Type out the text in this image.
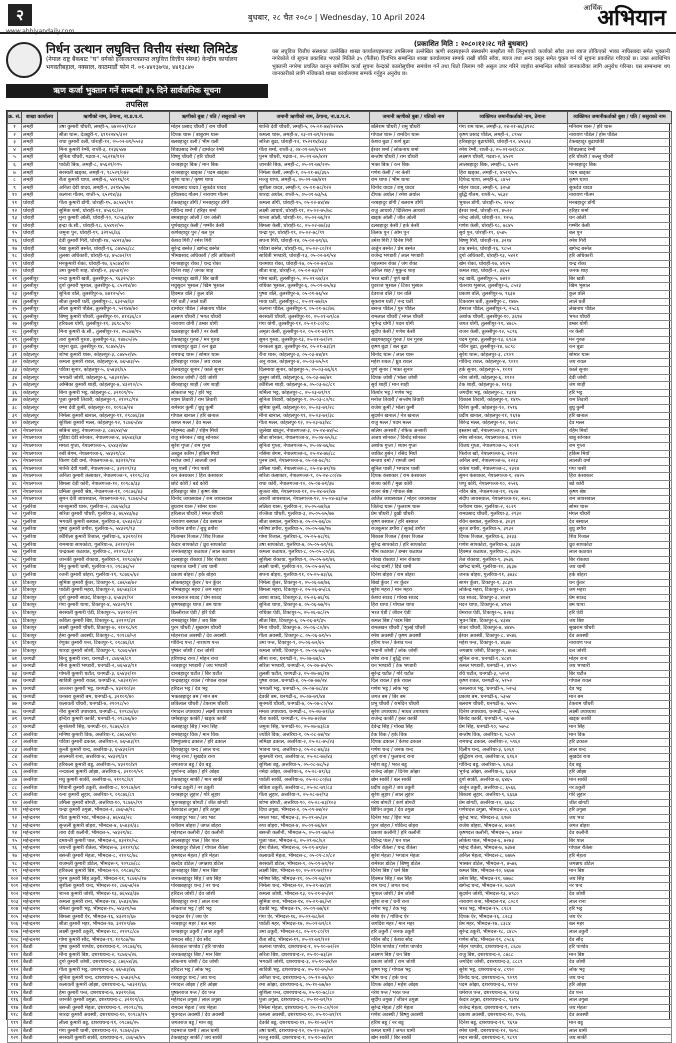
२
www.abhiyandaily.com
बुधबार, २८ चैत २०८० | Wednesday, 10 April 2024
आर्थिक
अभियान
निर्धन उत्थान लघुवित्त वित्तीय संस्था लिमिटेड
(नेपाल राष्ट्र बैंकबाट "घ" वर्गको इजाजतपत्रप्राप्त लघुवित्त वित्तीय संस्था) केन्द्रीय कार्यालय भगवतीबहाल, नक्साल, काठमाडौं फोन नं. ०१-४४१३७९४, ४४१३८४०
ऋण कर्जा भुक्तान गर्ने सम्बन्धी ३५ दिने सार्वजनिक सूचना
तपसिल
(प्रकाशित मिति : २०८०।१२।२८ गते बुधबार)
यस लघुवित्त वित्तीय संस्थाका उल्लेखित शाखा कार्यालयहरूबाट तपसिलमा उल्लेखित ऋणी सदस्यहरूले संस्थासँग सम्झौता गरी लिनुभएको कर्जाको साँवा तथा ब्याज तोकिएको भाका नाघिसक्दा समेत भुक्तानी नगरेकोले यो सूचना प्रकाशित भएको मितिले ३५ (पैंतीस) दिनभित्र सम्बन्धित शाखा कार्यालयमा सम्पर्क राखी बाँकी साँवा, ब्याज तथा अन्य दस्तुर समेत चुक्ता गर्न यो सूचना प्रकाशित गरिएको छ। उक्त अवधिभित्र भुक्तानी नगरेमा प्रचलित कानून बमोजिम कर्जा सूचना केन्द्रको कालोसूचीमा समावेश गर्ने तथा धितो लिलाम गरी असुल उपर गरिने व्यहोरा सम्बन्धित सबैको जानकारीका लागि अनुरोध गरिन्छ। यस सम्बन्धमा थप जानकारीको लागि नजिकको शाखा कार्यालयमा सम्पर्क गर्नुहुन अनुरोध छ।
क्र. सं.	शाखा कार्यालय	ऋणीको नाम, ठेगाना, ना.प्र.प.नं.	ऋणीको बुबा / पति / ससुराको नाम	जमानी ऋणीको नाम, ठेगाना, ना.प्र.प.नं.	जमानी ऋणीको बुबा / पतिको नाम	व्यक्तिगत जमानीकर्ताको नाम, ठेगाना	व्यक्तिगत जमानीकर्ताको बुबा / पति / ससुराको नाम
१	लमही	उषा कुमारी चौधरी, लमही-५, ७४२०५१/९८२	मोहन प्रसाद चौधरी / राम चौधरी	शान्ति देवी चौधरी, लमही-५, ०५-०१-७४/०२२४५	बलिराम चौधरी / रामु चौधरी	गंगा राम थारू, लमही-३, ०४-०१-७६/३१२८	मनिराम थारू / हरि थारू
२	लमही	सीता थारू, देउखुरी-१, ६९१२२४५/३२२	दिपक थारू / बाबुराम थारू	कमला थारू, लमही-४, ०३-०१-७९/१०२४७	गोपाल थारू / रामदिन थारू	कृष्ण प्रसाद पौडेल, लमही-२, ८९५४	नारायण पौडेल / होम पौडेल
३	लमही	राधा कुमारी वली, घोराही-१२, ०५-०२-७१/५५२३	बलबहादुर वली / भीम वली	सरिता बुढा, घोराही-१२, १५२२१४/४३३	केशव बुढा / कर्ण बुढा	हरिबहादुर बुढाथोकी, घोराही-१२, ४५६२३	टेकबहादुर बुढाथोकी
४	लमही	मिना कुमारी रेग्मी, राप्ती-३, १२३६५४७	शिवप्रसाद रेग्मी / दामोदर रेग्मी	गीता शर्मा, राप्ती-३, ०४-०१-७०/६५२१	ईश्वर शर्मा / लोकनाथ शर्मा	रमेश रेग्मी, राप्ती-३, ०५-०१-७२/८८४	शिवप्रसाद रेग्मी
५	लमही	सुनिता चौधरी, गढवा-२, ५६२१४/११२	विष्णु चौधरी / हरि चौधरी	पुनम चौधरी, गढवा-२, ०५-०१-७५/४२१	सन्तोष चौधरी / राम चौधरी	लक्ष्मण चौधरी, गढवा-२, ४५२१	हरि चौधरी / कल्लु चौधरी
६	लमही	पार्वती बिक, लमही-८, ४५६२१/०९५	धनबहादुर बिक / मान बिक	जानकी बिक, लमही-८, ०५-०१-७४/२२५	भक्त बिक / रत्न बिक	लालबहादुर बिक, लमही-८, ६५२१	मानबहादुर बिक
७	लमही	सरस्वती खड्का, लमही-१, ९८५२१/०४२	राजबहादुर खड्का / पदम खड्का	निर्मला केसी, लमही-१, ०५-०१-७६/३६५	गणेश केसी / नर केसी	हिरा खड्का, लमही-१, ४५२१/५५	पदम खड्का
८	लमही	रीता कुमारी थापा, लमही-६, ५४२१६/०१	सुरेश थापा / कृष्ण थापा	मञ्जु थापा, लमही-६, ०५-०१-७७/४११	राम थापा / भीम थापा	दिपेन्द्र थापा, लमही-६, ८४५२	कृष्ण थापा
९	लमही	अनिता देवी यादव, लमही-९, ३२१४५/७७	रामप्रसाद यादव / सुकदेव यादव	सुशीला यादव, लमही-९, ०५-०१-७८/१२२	विनोद यादव / रामु यादव	मोहन यादव, लमही-९, ३२५४	सुकदेव यादव
१०	लमही	कल्पना गौतम, राप्ती-५, ६५२१४/३३	हरिप्रसाद गौतम / नारायण गौतम	शारदा अर्याल, राप्ती-५, ०५-०१-७३/५६	दीपक अर्याल / रमेश अर्याल	बुद्धि गौतम, राप्ती-५, ५६३२	नारायण गौतम
११	घोराही	गीता कुमारी डाँगी, घोराही-१५, ७८५४२/११	टेकबहादुर डाँगी / मनबहादुर डाँगी	कमला डाँगी, घोराही-१५, ०५-०२-७४/४४	नरबहादुर डाँगी / बलराम डाँगी	भुपाल डाँगी, घोराही-१५, २२५४	मनबहादुर डाँगी
१२	घोराही	सुमित्रा शर्मा, घोराही-११, ४५६९८/२२	गोविन्द शर्मा / हरिहर शर्मा	लक्ष्मी आचार्य, घोराही-११, ०५-०२-७५/७८	राजु आचार्य / दिलिराम आचार्य	ईश्वर शर्मा, घोराही-११, ४५२२	हरिहर शर्मा
१३	घोराही	मुना कुमारी ओली, घोराही-१०, ९८५६३/४४	बमबहादुर ओली / धन ओली	शान्ता ओली, घोराही-१०, ०५-०२-७६/१२	खड्क ओली / जीत ओली	नरेन्द्र ओली, घोराही-१०, १२५६	धन ओली
१४	घोराही	इन्द्रा के.सी., घोराही-१८, ६५४१२/५५	पूर्णबहादुर केसी / गम्भीर केसी	बिमला केसी, घोराही-१८, ०५-०२-७७/३३	दलबहादुर केसी / हर्क केसी	गणेश केसी, घोराही-१८, ७८४५	गम्भीर केसी
१५	घोराही	जमुना पुन, घोराही-१९, ३२१५६/६६	कर्णबहादुर पुन / बल पुन	चन्द्रा पुन, घोराही-१९, ०५-०२-७८/९९	तिलक पुन / ओम पुन	सुर्य पुन, घोराही-१९, ६५४५	बल पुन
१६	घोराही	देवी कुमारी गिरी, घोराही-१४, ५४२१३/७७	केशव गिरी / रमेश गिरी	सपना गिरी, घोराही-१४, ०५-०२-७९/६६	उमेश गिरी / दिनेश गिरी	बिष्णु गिरी, घोराही-१४, ३२१४	रमेश गिरी
१७	घोराही	रेखा कुमारी बस्नेत, घोराही-१६, ८७४५६/८८	सुरेन्द्र बस्नेत / खगेन्द्र बस्नेत	पवित्रा बस्नेत, घोराही-१६, ०५-०२-८०/१२	अर्जुन बस्नेत / प्रेम बस्नेत	टंक बस्नेत, घोराही-१६, ९८५२	खगेन्द्र बस्नेत
१८	घोराही	तुलसा अधिकारी, घोराही-१३, ४५८७२/९९	भीमप्रसाद अधिकारी / हरि अधिकारी	सावित्री भण्डारी, घोराही-१३, ०५-०२-७१/५४	राजेन्द्र भण्डारी / लाल भण्डारी	दुर्गा अधिकारी, घोराही-१३, ५४२१	हरि अधिकारी
१९	घोराही	मनकुमारी रोका, घोराही-१७, ६५८७४/१०	मानबहादुर रोका / चन्द्र रोका	धनमाया रोका, घोराही-१७, ०५-०२-७२/८७	पहलमान रोका / जंग रोका	खेम रोका, घोराही-१७, ४१२५	चन्द्र रोका
२०	घोराही	उमा कुमारी शाह, घोराही-२, ३६५४१/२०	दिनेश शाह / जनक शाह	सीता शाह, घोराही-२, ०५-०२-७३/२१	अनिल शाह / मुकुन्द शाह	कमल शाह, घोराही-२, ३६५२	जनक शाह
२१	तुलसीपुर	नन्दा कुमारी खत्री, तुलसीपुर-५, ९६३२५/३०	रामबहादुर खत्री / बिर खत्री	गोमा खत्री, तुलसीपुर-५, ०५-०१-७४/३२	भरत खत्री / पुर्ण खत्री	रुद्र खत्री, तुलसीपुर-५, ७४१२	बिर खत्री
२२	तुलसीपुर	दुर्गा कुमारी भुसाल, तुलसीपुर-६, ८५२१४/४०	मधुसुदन भुसाल / खिम भुसाल	राधिका भुसाल, तुलसीपुर-६, ०५-०१-७५/४३	युवराज भुसाल / टिका भुसाल	चेतनाथ भुसाल, तुलसीपुर-६, ८५२३	खिम भुसाल
२३	तुलसीपुर	सुनिता वलि, तुलसीपुर-७, ७४१२५/५०	हिक्मत वलि / कुल वलि	पुष्पा वलि, तुलसीपुर-७, ०५-०१-७६/५४	देवराज वलि / धन वलि	प्रकाश वलि, तुलसीपुर-७, ९६३४	कुल वलि
२४	तुलसीपुर	सीता कुमारी घर्ती, तुलसीपुर-८, ६३२५४/६०	गोरे घर्ती / लाले घर्ती	माया घर्ती, तुलसीपुर-८, ०५-०१-७७/६५	सुकराम घर्ती / नन्द घर्ती	टिकाराम घर्ती, तुलसीपुर-८, १४७५	लाले घर्ती
२५	तुलसीपुर	लीला कुमारी पौडेल, तुलसीपुर-९, ५२१४७/७०	दामोदर पौडेल / लेखनाथ पौडेल	कल्पना पौडेल, तुलसीपुर-९, ०५-०१-७८/७६	बसन्त पौडेल / गुरु पौडेल	हेमराज पौडेल, तुलसीपुर-९, २५८६	लेखनाथ पौडेल
२६	तुलसीपुर	बिष्णु कुमारी चौधरी, तुलसीपुर-१०, ४१२३६/८०	लक्ष्मण चौधरी / भगत चौधरी	सरस्वती चौधरी, तुलसीपुर-१०, ०५-०१-७९/८७	रामलाल चौधरी / मंगल चौधरी	अशोक चौधरी, तुलसीपुर-१०, ३६९७	भगत चौधरी
२७	तुलसीपुर	हरिकला योगी, तुलसीपुर-११, ३६९८५/९०	नारायण योगी / डम्बर योगी	गंगा योगी, तुलसीपुर-११, ०५-०१-८०/९८	भुपेन्द्र योगी / पदम योगी	जगत योगी, तुलसीपुर-११, ४७८५	डम्बर योगी
२८	तुलसीपुर	मिना कुमारी के.सी., तुलसीपुर-१२, २५८७४/१५	चक्रबहादुर केसी / नर केसी	अमृता केसी, तुलसीपुर-१२, ०५-०१-७१/१९	सुदीप केसी / गणेश केसी	राजन केसी, तुलसीपुर-१२, ५८९६	नर केसी
२९	तुलसीपुर	तारा कुमारी गुरुङ, तुलसीपुर-१३, १४७८५/२५	टेकबहादुर गुरुङ / मन गुरुङ	सुमन गुरुङ, तुलसीपुर-१३, ०५-०१-७२/२९	खड्गबहादुर गुरुङ / धन गुरुङ	पदम गुरुङ, तुलसीपुर-१३, ६९८७	मन गुरुङ
३०	तुलसीपुर	यमुना बुढा, तुलसीपुर-१४, ९८७४५/३५	जयबहादुर बुढा / रत्न बुढा	धनकला बुढा, तुलसीपुर-१४, ०५-०१-७३/३९	कृष्ण बुढा / बल बुढा	नविन बुढा, तुलसीपुर-१४, ७८९८	रत्न बुढा
३१	कोहलपुर	शोभा कुमारी थारू, कोहलपुर-३, ८७४५२/४५	रामचन्द्र थारू / सोमार थारू	रीना थारू, कोहलपुर-३, ०५-०३-७४/४९	बिनोद थारू / लाल थारू	सुरेश थारू, कोहलपुर-३, ८९०९	सोमार थारू
३२	कोहलपुर	कमला कुमारी रावल, कोहलपुर-४, ७६५४३/५५	हरिबहादुर रावल / जय रावल	अनु रावल, कोहलपुर-४, ०५-०३-७५/५९	महेश रावल / ध्रुव रावल	गोविन्द रावल, कोहलपुर-४, ९०१०	जय रावल
३३	कोहलपुर	पवित्रा सुनार, कोहलपुर-५, ६५४३२/६५	तेजबहादुर सुनार / काले सुनार	दिलमाया सुनार, कोहलपुर-५, ०५-०३-७६/६९	पुर्ण सुनार / भक्त सुनार	हर्क सुनार, कोहलपुर-५, १०११	काले सुनार
३४	कोहलपुर	भगवती जोशी, कोहलपुर-६, ५४३२१/७५	प्रेमराज जोशी / देवी जोशी	कुसुम जोशी, कोहलपुर-६, ०५-०३-७७/७९	दिपक जोशी / भोला जोशी	नरेश जोशी, कोहलपुर-६, १११२	देवी जोशी
३५	कोहलपुर	अम्बिका कुमारी शाही, कोहलपुर-७, ४३२१०/८५	बीरबहादुर शाही / जंग शाही	कौशिला शाही, कोहलपुर-७, ०५-०३-७८/८९	सुर्य शाही / मान शाही	टेक शाही, कोहलपुर-७, १२१३	जंग शाही
३६	कोहलपुर	बिना कुमारी भट्ट, कोहलपुर-८, ३२१०९/९५	लोकराज भट्ट / हरि भट्ट	शर्मिला भट्ट, कोहलपुर-८, ०५-०३-७९/९९	किशोर भट्ट / गणेश भट्ट	जगदीश भट्ट, कोहलपुर-८, १३१४	हरि भट्ट
३७	कोहलपुर	पूजा कुमारी तिवारी, कोहलपुर-९, २१०९८/१४	श्याम तिवारी / राम तिवारी	सुनिता तिवारी, कोहलपुर-९, ०५-०३-८०/१८	मनोज तिवारी / सन्तोष तिवारी	विकास तिवारी, कोहलपुर-९, १४१५	राम तिवारी
३८	कोहलपुर	रम्भा देवी कुर्मी, कोहलपुर-१०, १०९८७/२४	रामेश्वर कुर्मी / बुधु कुर्मी	सुमित्रा कुर्मी, कोहलपुर-१०, ०५-०३-७१/२८	राजेश कुर्मी / भोला कुर्मी	दिनेश कुर्मी, कोहलपुर-१०, १५१६	बुधु कुर्मी
३९	कोहलपुर	निर्मला कुमारी खनाल, कोहलपुर-११, ०९८७६/३४	गोपाल खनाल / हरि खनाल	मीना खनाल, कोहलपुर-११, ०५-०३-७२/३८	सुदर्शन खनाल / नेत्र खनाल	प्रदीप खनाल, कोहलपुर-११, १६१७	हरि खनाल
४०	कोहलपुर	सुशिला कुमारी मल्ल, कोहलपुर-१२, ९८७६५/४४	कमल मल्ल / देव मल्ल	गीता मल्ल, कोहलपुर-१२, ०५-०३-७३/४८	राजु मल्ल / पदम मल्ल	बिरेन्द्र मल्ल, कोहलपुर-१२, १७१८	देव मल्ल
४१	नेपालगञ्ज	सबिना बानु, नेपालगञ्ज-३, ८७६५४/५४	मोहम्मद अली / रहिम मियाँ	जुलेखा खातुन, नेपालगञ्ज-३, ०५-०४-७४/५८	सलिम अन्सारी / रफिक अन्सारी	इस्लाम खाँ, नेपालगञ्ज-३, १८१९	रहिम मियाँ
४२	नेपालगञ्ज	गुडिया देवी सोनकर, नेपालगञ्ज-४, ७६५४३/६४	राजु सोनकर / बाबु सोनकर	सीता सोनकर, नेपालगञ्ज-४, ०५-०४-७५/६८	अजय सोनकर / विनोद सोनकर	रमेश सोनकर, नेपालगञ्ज-४, १९२०	बाबु सोनकर
४३	नेपालगञ्ज	ममता गुप्ता, नेपालगञ्ज-५, ६५४३२/७४	सुरेश गुप्ता / राम गुप्ता	सुनिता गुप्ता, नेपालगञ्ज-५, ०५-०४-७६/७८	अशोक गुप्ता / श्याम गुप्ता	विजय गुप्ता, नेपालगञ्ज-५, २०२१	राम गुप्ता
४४	नेपालगञ्ज	रुबी बेगम, नेपालगञ्ज-६, ५४३२१/८४	अब्दुल करिम / हकिम मियाँ	नसिमा बेगम, नेपालगञ्ज-६, ०५-०४-७७/८८	जाकिर हुसेन / रसिद मियाँ	फिरोज खाँ, नेपालगञ्ज-६, २१२२	हकिम मियाँ
४५	नेपालगञ्ज	किरण देवी वर्मा, नेपालगञ्ज-७, ४३२१०/९४	मनोज वर्मा / लालजी वर्मा	पुनम वर्मा, नेपालगञ्ज-७, ०५-०४-७८/९८	सन्जय वर्मा / रामजी वर्मा	अनिल वर्मा, नेपालगञ्ज-७, २२२३	लालजी वर्मा
४६	नेपालगञ्ज	शान्ति देवी पासी, नेपालगञ्ज-८, ३२१०९/१३	रामु पासी / गंगा पासी	उर्मिला पासी, नेपालगञ्ज-८, ०५-०४-७९/१७	सुनिल पासी / भगवान पासी	राकेश पासी, नेपालगञ्ज-८, २३२४	गंगा पासी
४७	नेपालगञ्ज	अनिता कुमारी कंसाकार, नेपालगञ्ज-९, २१०९८/२३	रत्न कंसाकार / हिरा कंसाकार	सरिता कंसाकार, नेपालगञ्ज-९, ०५-०४-८०/२७	दिपक कंसाकार / राम कंसाकार	सुमन कंसाकार, नेपालगञ्ज-९, २४२५	हिरा कंसाकार
४८	नेपालगञ्ज	बिमला देवी कोरी, नेपालगञ्ज-१०, १०९८७/३३	छोटे कोरी / बडे कोरी	राधा कोरी, नेपालगञ्ज-१०, ०५-०४-७१/३७	संजय कोरी / मुन्ना कोरी	पप्पु कोरी, नेपालगञ्ज-१०, २५२६	बडे कोरी
४९	नेपालगञ्ज	प्रमिला कुमारी श्रेष्ठ, नेपालगञ्ज-११, ०९८७६/४३	हरिबहादुर श्रेष्ठ / कृष्ण श्रेष्ठ	सुजता श्रेष्ठ, नेपालगञ्ज-११, ०५-०४-७२/४७	राजन श्रेष्ठ / गोपाल श्रेष्ठ	नविन श्रेष्ठ, नेपालगञ्ज-११, २६२७	कृष्ण श्रेष्ठ
५०	नेपालगञ्ज	सुमन देवी जायसवाल, नेपालगञ्ज-१२, ९८७६५/५३	विनोद जायसवाल / राम जायसवाल	आरती जायसवाल, नेपालगञ्ज-१२, ०५-०४-७३/५७	अजित जायसवाल / मोहन जायसवाल	संदीप जायसवाल, नेपालगञ्ज-१२, २७२८	राम जायसवाल
५१	गुलरिया	मानकुमारी थारू, गुलरिया-२, ८७६५४/६३	बुधराम थारू / सोमर थारू	ललिता थारू, गुलरिया-२, ०५-०५-७४/६७	जितेन्द्र थारू / फुलराम थारू	धनीराम थारू, गुलरिया-२, २८२९	सोमर थारू
५२	गुलरिया	सरिता कुमारी चौधरी, गुलरिया-३, ७६५४३/७३	हरिलाल चौधरी / मंगल चौधरी	रञ्जिता चौधरी, गुलरिया-३, ०५-०५-७५/७७	प्रेम चौधरी / दुखी चौधरी	रामप्रसाद चौधरी, गुलरिया-३, २९३०	मंगल चौधरी
५३	गुलरिया	भगवती कुमारी बस्याल, गुलरिया-४, ६५४३२/८३	नारायण बस्याल / देव बस्याल	सीता बस्याल, गुलरिया-४, ०५-०५-७६/८७	कृष्ण बस्याल / हरि बस्याल	रविन बस्याल, गुलरिया-४, ३०३१	देव बस्याल
५४	गुलरिया	पुष्पा कुमारी डगौरा, गुलरिया-५, ५४३२१/९३	धनीराम डगौरा / बुधु डगौरा	मनिषा डगौरा, गुलरिया-५, ०५-०५-७७/९७	राजकुमार डगौरा / सुकई डगौरा	सुरज डगौरा, गुलरिया-५, ३१३२	बुधु डगौरा
५५	गुलरिया	कौशिला कुमारी रिजाल, गुलरिया-६, ४३२१०/१२	पिताम्बर रिजाल / शिव रिजाल	गोमा रिजाल, गुलरिया-६, ०५-०५-७८/१६	बिकास रिजाल / ईश्वर रिजाल	दिपक रिजाल, गुलरिया-६, ३२३३	शिव रिजाल
५६	गुलरिया	राममाया सापकोटा, गुलरिया-७, ३२१०९/२२	केदार सापकोटा / ध्रुव सापकोटा	उषा सापकोटा, गुलरिया-७, ०५-०५-७९/२६	सुरेन्द्र सापकोटा / हरि सापकोटा	गणेश सापकोटा, गुलरिया-७, ३३३४	ध्रुव सापकोटा
५७	गुलरिया	चन्द्रकला कठायत, गुलरिया-८, २१०९८/३२	जनकबहादुर कठायत / लाल कठायत	कमला कठायत, गुलरिया-८, ०५-०५-८०/३६	भीम कठायत / डम्बर कठायत	हिक्मत कठायत, गुलरिया-८, ३४३५	लाल कठायत
५८	गुलरिया	जानकी कुमारी रोकाया, गुलरिया-९, १०९८७/४२	दलबहादुर रोकाया / बिर रोकाया	सुशिला रोकाया, गुलरिया-९, ०५-०५-७१/४६	गोरख रोकाया / मान रोकाया	तेज रोकाया, गुलरिया-९, ३५३६	बिर रोकाया
५९	गुलरिया	मिनु कुमारी धामी, गुलरिया-१०, ०९८७६/५२	पदमराज धामी / जय धामी	लक्ष्मी धामी, गुलरिया-१०, ०५-०५-७२/५६	नरेन्द्र धामी / दिर्घ धामी	खगेन्द्र धामी, गुलरिया-१०, ३६३७	जय धामी
६०	गुलरिया	रजनी कुमारी बोहरा, गुलरिया-११, ९८७६५/६२	प्रकाश बोहरा / हर्क बोहरा	सपना बोहरा, गुलरिया-११, ०५-०५-७३/६६	दिनेश बोहरा / राम बोहरा	जनक बोहरा, गुलरिया-११, ३७३८	हर्क बोहरा
६१	टिकापुर	सुमित्रा कुमारी कुँवर, टिकापुर-१, ८७६५४/७२	लोकबहादुर कुँवर / धन कुँवर	निर्मला कुँवर, टिकापुर-१, ०५-०६-७४/७६	बिर्ख कुँवर / नर कुँवर	सागर कुँवर, टिकापुर-१, ३८३९	धन कुँवर
६२	टिकापुर	पार्वती कुमारी महरा, टिकापुर-२, ७६५४३/८२	भीमबहादुर महरा / जग महरा	बिमला महरा, टिकापुर-२, ०५-०६-७५/८६	सुरेश महरा / मान महरा	लोकेन्द्र महरा, टिकापुर-२, ३९४०	जग महरा
६३	टिकापुर	दुर्गा कुमारी साउद, टिकापुर-३, ६५४३२/९२	जनकराज साउद / प्रेम साउद	आशा साउद, टिकापुर-३, ०५-०६-७६/९६	केशव साउद / गोरख साउद	यज्ञ साउद, टिकापुर-३, ४०४१	प्रेम साउद
६४	टिकापुर	गंगा कुमारी थापा, टिकापुर-४, ५४३२१/११	कृष्णबहादुर थापा / बम थापा	सुनिता थापा, टिकापुर-४, ०५-०६-७७/१५	हिरा थापा / गोपाल थापा	मदन थापा, टिकापुर-४, ४१४२	बम थापा
६५	टिकापुर	सरस्वती कुमारी ऐडी, टिकापुर-५, ४३२१०/२१	डिल्लीराज ऐडी / हरि ऐडी	राधिका ऐडी, टिकापुर-५, ०५-०६-७८/२५	भरत ऐडी / जीवन ऐडी	प्रेमराज ऐडी, टिकापुर-५, ४२४३	हरि ऐडी
६६	टिकापुर	कविता कुमारी बिष्ट, टिकापुर-६, ३२१०९/३१	रामबहादुर बिष्ट / जय बिष्ट	सीता बिष्ट, टिकापुर-६, ०५-०६-७९/३५	कमल बिष्ट / पदम बिष्ट	भुवन बिष्ट, टिकापुर-६, ४३४४	जय बिष्ट
६७	टिकापुर	लक्ष्मी कुमारी चौधरी, टिकापुर-७, २१०९८/४१	पुरन चौधरी / सुखराम चौधरी	मिना चौधरी, टिकापुर-७, ०५-०६-८०/४५	रामलखन चौधरी / भुलई चौधरी	शंकर चौधरी, टिकापुर-७, ४४४५	सुखराम चौधरी
६८	टिकापुर	हेमा कुमारी अवस्थी, टिकापुर-८, १०९८७/५१	मोहनराज अवस्थी / देव अवस्थी	गीता अवस्थी, टिकापुर-८, ०५-०६-७१/५५	रमेश अवस्थी / कृष्ण अवस्थी	ईश्वर अवस्थी, टिकापुर-८, ४५४६	देव अवस्थी
६९	टिकापुर	रेणुका कुमारी पन्त, टिकापुर-९, ०९८७६/६१	गोविन्द पन्त / नारायण पन्त	उमा पन्त, टिकापुर-९, ०५-०६-७२/६५	हरिश पन्त / केशव पन्त	महेश पन्त, टिकापुर-९, ४६४७	नारायण पन्त
७०	टिकापुर	शारदा कुमारी जोशी, टिकापुर-९, ९८७६५/७१	पुष्कर जोशी / दत्त जोशी	कमला जोशी, टिकापुर-९, ०५-०६-७३/७५	भवानी जोशी / लोक जोशी	जगन्नाथ जोशी, टिकापुर-९, ४७४८	दत्त जोशी
७१	धनगढी	बिन्दु कुमारी राना, धनगढी-१, ८७६५४/८१	हरिश्चन्द्र राना / मोहन राना	सीमा राना, धनगढी-१, ०५-०७-७४/८५	रमेश राना / बुद्धि राना	सुनिल राना, धनगढी-१, ४८४९	मोहन राना
७२	धनगढी	मीना कुमारी भण्डारी, धनगढी-२, ७६५४३/९१	नरबहादुर भण्डारी / जय भण्डारी	सरिता भण्डारी, धनगढी-२, ०५-०७-७५/९५	धन भण्डारी / टेक भण्डारी	कमल भण्डारी, धनगढी-२, ४९५०	जय भण्डारी
७३	धनगढी	गोमती कुमारी चटौत, धनगढी-३, ६५४३२/१०	दानबहादुर चटौत / बिर चटौत	तुलसी चटौत, धनगढी-३, ०५-०७-७६/१४	सुरेन्द्र चटौत / गोरे चटौत	रवि चटौत, धनगढी-३, ५०५१	बिर चटौत
७४	धनगढी	सावित्री कुमारी रावल, धनगढी-४, ५४३२१/२०	चन्द्रबहादुर रावल / गोपाल रावल	पुष्पा रावल, धनगढी-४, ०५-०७-७७/२४	दिल रावल / हर्क रावल	कृष्ण रावल, धनगढी-४, ५१५२	गोपाल रावल
७५	धनगढी	अञ्जना कुमारी भट्ट, धनगढी-५, ४३२१०/३०	हरिदत्त भट्ट / देव भट्ट	भगवती भट्ट, धनगढी-५, ०५-०७-७८/३४	गणेश भट्ट / लोक भट्ट	कमलराज भट्ट, धनगढी-५, ५२५३	देव भट्ट
७६	धनगढी	धनसरा कुमारी बम, धनगढी-६, ३२१०९/४०	भक्तबहादुर बम / मान बम	देवकी बम, धनगढी-६, ०५-०७-७९/४४	जगत बम / बिर बम	प्रकाश बम, धनगढी-६, ५३५४	मान बम
७७	धनगढी	कलावती चौधरी, धनगढी-७, २१०९८/५०	छविलाल चौधरी / टेकराम चौधरी	सुनमती चौधरी, धनगढी-७, ०५-०७-८०/५४	प्रभु चौधरी / रामदिन चौधरी	बलराम चौधरी, धनगढी-७, ५४५५	टेकराम चौधरी
७८	धनगढी	नीरा कुमारी उपाध्याय, धनगढी-८, १०९८७/६०	गंगादत्त उपाध्याय / लक्ष्मी उपाध्याय	ममता उपाध्याय, धनगढी-८, ०५-०७-७१/६४	सुरेश उपाध्याय / माधव उपाध्याय	दिनेश उपाध्याय, धनगढी-८, ५५५६	लक्ष्मी उपाध्याय
७९	धनगढी	इन्दिरा कुमारी कार्की, धनगढी-९, ०९८७६/७०	धर्मबहादुर कार्की / खड्क कार्की	रीता कार्की, धनगढी-९, ०५-०७-७२/७४	राजेन्द्र कार्की / हस्त कार्की	बिनोद कार्की, धनगढी-९, ५६५७	खड्क कार्की
८०	धनगढी	सुनकेशरी सिंह, धनगढी-१०, ९८७६५/८०	बलबहादुर सिंह / मान सिंह	जमुना सिंह, धनगढी-१०, ०५-०७-७३/८४	देवेन्द्र सिंह / गोरख सिंह	प्रेम सिंह, धनगढी-१०, ५७५८	मान सिंह
८१	अत्तरिया	मनिषा कुमारी विक, अत्तरिया-१, ८७६५४/९०	रामबहादुर विक / मान विक	ज्योति विक, अत्तरिया-१, ०५-०८-७४/९४	टेक विक / हर्क विक	सन्तोष विक, अत्तरिया-१, ५८५९	मान विक
८२	अत्तरिया	पवित्रा कुमारी ढकाल, अत्तरिया-२, ७६५४३/१९	विष्णुप्रसाद ढकाल / हरि ढकाल	समिक्षा ढकाल, अत्तरिया-२, ०५-०८-७५/२३	दिपक ढकाल / केशव ढकाल	रामचन्द्र ढकाल, अत्तरिया-२, ५९६०	हरि ढकाल
८३	अत्तरिया	कुन्ती कुमारी चन्द, अत्तरिया-३, ६५४३२/२९	हिराबहादुर चन्द / लाल चन्द	भावना चन्द, अत्तरिया-३, ०५-०८-७६/३३	गणेश चन्द / जनक चन्द	दिलीप चन्द, अत्तरिया-३, ६०६१	लाल चन्द
८४	अत्तरिया	लालमती राना, अत्तरिया-४, ५४३२१/३९	मंगलु राना / सुखदेव राना	सुकमती राना, अत्तरिया-४, ०५-०८-७७/४३	दुर्गा राना / फुलचन्द राना	बुद्धिराम राना, अत्तरिया-४, ६१६२	सुखदेव राना
८५	अत्तरिया	हरिकला कुमारी बडू, अत्तरिया-५, ४३२१०/४९	जगतराज बडू / देव बडू	सुशिला बडू, अत्तरिया-५, ०५-०८-७८/५३	महेश बडू / भरत बडू	गोविन्द बडू, अत्तरिया-५, ६२६३	देव बडू
८६	अत्तरिया	नन्दकला कुमारी ओझा, अत्तरिया-६, ३२१०९/५९	पुर्णानन्द ओझा / हरि ओझा	नर्मदा ओझा, अत्तरिया-६, ०५-०८-७९/६३	राजेन्द्र ओझा / दिनेश ओझा	भुपेन्द्र ओझा, अत्तरिया-६, ६३६४	हरि ओझा
८७	अत्तरिया	मधु कुमारी सार्की, अत्तरिया-७, २१०९८/६९	टेकबहादुर सार्की / मान सार्की	पार्वती सार्की, अत्तरिया-७, ०५-०८-८०/७३	खेम सार्की / बल सार्की	दुर्गा सार्की, अत्तरिया-७, ६४६५	मान सार्की
८८	अत्तरिया	शिवानी कुमारी ठकुरी, अत्तरिया-८, १०९८७/७९	गजेन्द्र ठकुरी / नर ठकुरी	सविता ठकुरी, अत्तरिया-८, ०५-०८-७१/८३	प्रदीप ठकुरी / जय ठकुरी	अर्जुन ठकुरी, अत्तरिया-८, ६५६६	नर ठकुरी
८९	अत्तरिया	रत्ना कुमारी लुहार, अत्तरिया-९, ०९८७६/८९	धनबहादुर लुहार / गोरे लुहार	गीता लुहार, अत्तरिया-९, ०५-०८-७२/९३	सुरेश लुहार / लाल लुहार	बिकाश लुहार, अत्तरिया-९, ६६६७	गोरे लुहार
९०	अत्तरिया	उर्मिला कुमारी बोगटी, अत्तरिया-१०, ९८७६५/९९	भुवनबहादुर बोगटी / जीत बोगटी	शोभा बोगटी, अत्तरिया-१०, ०५-०८-७३/१०३	नरेश बोगटी / कर्ण बोगटी	प्रेम बोगटी, अत्तरिया-१०, ६७६८	जीत बोगटी
९१	महेन्द्रनगर	चन्द्रा कुमारी ठगुन्ना, भीमदत्त-२, ८७६५४/१८	केशवदत्त ठगुन्ना / हरि ठगुन्ना	दिपा ठगुन्ना, भीमदत्त-२, ०५-०९-७४/२२	बिपिन ठगुन्ना / देव ठगुन्ना	गणेशदत्त ठगुन्ना, भीमदत्त-२, ६८६९	हरि ठगुन्ना
९२	महेन्द्रनगर	गीता कुमारी भाट, भीमदत्त-३, ७६५४३/२८	नरबहादुर भाट / जय भाट	ममता भाट, भीमदत्त-३, ०५-०९-७५/३२	दिनेश भाट / हिरा भाट	सुरेन्द्र भाट, भीमदत्त-३, ६९७०	जय भाट
९३	महेन्द्रनगर	सुन्तली कुमारी बोहरा, भीमदत्त-४, ६५४३२/३८	धनीराम बोहरा / जगत बोहरा	रुपा बोहरा, भीमदत्त-४, ०५-०९-७६/४२	पुरन बोहरा / गोविन्द बोहरा	राजेश बोहरा, भीमदत्त-४, ७०७१	जगत बोहरा
९४	महेन्द्रनगर	तारा देवी कलौनी, भीमदत्त-५, ५४३२१/४८	महेशदत्त कलौनी / देव कलौनी	बसन्ती कलौनी, भीमदत्त-५, ०५-०९-७७/५२	प्रकाश कलौनी / हरि कलौनी	कृष्णदत्त कलौनी, भीमदत्त-५, ७१७२	देव कलौनी
९५	महेन्द्रनगर	दमयन्ती कुमारी पाल, भीमदत्त-६, ४३२१०/५८	लालबहादुर पाल / बिर पाल	पूजा पाल, भीमदत्त-६, ०५-०९-७८/६२	दिपेन्द्र पाल / धन पाल	लोकेश पाल, भीमदत्त-६, ७२७३	बिर पाल
९६	महेन्द्रनगर	जयन्ती कुमारी रौतेला, भीमदत्त-७, ३२१०९/६८	प्रेमबहादुर रौतेला / गोपाल रौतेला	हेमा रौतेला, भीमदत्त-७, ०५-०९-७९/७२	नविन रौतेला / चन्द्र रौतेला	महेन्द्र रौतेला, भीमदत्त-७, ७३७४	गोपाल रौतेला
९७	महेन्द्रनगर	बसन्ती कुमारी मेहता, भीमदत्त-८, २१०९८/७८	कृष्णदत्त मेहता / हरि मेहता	कलावती मेहता, भीमदत्त-८, ०५-०९-८०/८२	सुरेश मेहता / भगवान मेहता	अनिल मेहता, भीमदत्त-८, ७४७५	हरि मेहता
९८	महेन्द्रनगर	राजमती कुमारी डोटेल, भीमदत्त-९, १०९८७/८८	बलदेव डोटेल / जगन्नाथ डोटेल	सरस्वती डोटेल, भीमदत्त-९, ०५-०९-७१/९२	रामेश्वर डोटेल / बिष्णु डोटेल	भास्कर डोटेल, भीमदत्त-९, ७५७६	जगन्नाथ डोटेल
९९	महेन्द्रनगर	हरिकला कुमारी बिष्ट, भीमदत्त-१०, ०९८७६/९८	ज्ञानबहादुर बिष्ट / मान बिष्ट	लक्ष्मी बिष्ट, भीमदत्त-१०, ०५-०९-७२/१०२	दिनेश बिष्ट / धर्म बिष्ट	कमल बिष्ट, भीमदत्त-१०, ७६७७	मान बिष्ट
१००	महेन्द्रनगर	पुनम कुमारी सिंह ठकुरी, भीमदत्त-११, ९८७६५/१७	जनकबहादुर सिंह / जय सिंह	मनिषा सिंह, भीमदत्त-११, ०५-०९-७३/२१	हिक्मत सिंह / बल सिंह	उमेश सिंह, भीमदत्त-११, ७७७८	जय सिंह
१०१	महेन्द्रनगर	सुशीला कुमारी चन्द, भीमदत्त-१२, ८७६५४/२७	गोरखबहादुर चन्द / नर चन्द	निर्मला चन्द, भीमदत्त-१२, ०५-०९-७४/३१	राम चन्द / जगत चन्द	खगेन्द्र चन्द, भीमदत्त-१२, ७८७९	नर चन्द
१०२	महेन्द्रनगर	शान्ता कुमारी जोशी, भीमदत्त-१३, ७६५४३/३७	हरिदत्त जोशी / देव जोशी	कमला जोशी, भीमदत्त-१३, ०५-०९-७५/४१	भुपाल जोशी / प्रेम जोशी	सुदर्शन जोशी, भीमदत्त-१३, ७९८०	देव जोशी
१०३	महेन्द्रनगर	कमला कुमारी राना, भीमदत्त-१४, ६५४३२/४७	बिरबहादुर राना / लाल राना	सुमित्रा राना, भीमदत्त-१४, ०५-०९-७६/५१	सुरेश राना / धनी राना	नारायण राना, भीमदत्त-१४, ८०८१	लाल राना
१०४	महेन्द्रनगर	रमिला कुमारी भट्ट, भीमदत्त-१५, ५४३२१/५७	लोकराज भट्ट / हरि भट्ट	देवकी भट्ट, भीमदत्त-१५, ०५-०९-७७/६१	गणेश भट्ट / टेक भट्ट	भरत भट्ट, भीमदत्त-१५, ८१८२	हरि भट्ट
१०५	महेन्द्रनगर	बिमला कुमारी ऐर, भीमदत्त-१६, ४३२१०/६७	चन्द्रदत्त ऐर / जय ऐर	गंगा ऐर, भीमदत्त-१६, ०५-०९-७८/७१	रमेश ऐर / गोविन्द ऐर	दिपक ऐर, भीमदत्त-१६, ८२८३	जय ऐर
१०६	महेन्द्रनगर	सीता कुमारी महर, भीमदत्त-१७, ३२१०९/७७	नरबहादुर महर / बल महर	पार्वती महर, भीमदत्त-१७, ०५-०९-७९/८१	जगदिश महर / मान महर	प्रेम महर, भीमदत्त-१७, ८३८४	बल महर
१०७	महेन्द्रनगर	लक्ष्मी कुमारी ठकुरी, भीमदत्त-१८, २१०९८/८७	धनबहादुर ठकुरी / लाल ठकुरी	उमा ठकुरी, भीमदत्त-१८, ०५-०९-८०/९१	हरि ठकुरी / जनक ठकुरी	सुरेन्द्र ठकुरी, भीमदत्त-१८, ८४८५	लाल ठकुरी
१०८	महेन्द्रनगर	गोमा कुमारी सौद, भीमदत्त-१९, १०९८७/९७	रामदत्त सौद / देव सौद	रीता सौद, भीमदत्त-१९, ०५-०९-७१/१०१	नविन सौद / केशव सौद	गणेश सौद, भीमदत्त-१९, ८५८६	देव सौद
१०९	बैतडी	पुष्पा कुमारी पाण्डेय, दशरथचन्द-१, ०९८७६/१६	केशवदत्त पाण्डेय / हरि पाण्डेय	कल्पना पाण्डेय, दशरथचन्द-१, ०५-१०-७२/२०	दिनेश पाण्डेय / गणेश पाण्डेय	मोहन पाण्डेय, दशरथचन्द-१, ८६८७	हरि पाण्डेय
११०	बैतडी	मीना कुमारी बिष्ट, दशरथचन्द-२, ९८७६५/२६	जनकबहादुर बिष्ट / मान बिष्ट	सरिता बिष्ट, दशरथचन्द-२, ०५-१०-७३/३०	लक्ष्मण बिष्ट / धन बिष्ट	राजु बिष्ट, दशरथचन्द-२, ८७८८	मान बिष्ट
१११	बैतडी	दुर्गा कुमारी जोशी, दशरथचन्द-३, ८७६५४/३६	लोकनाथ जोशी / देव जोशी	भगवती जोशी, दशरथचन्द-३, ०५-१०-७४/४०	प्रकाश जोशी / राम जोशी	जगदिश जोशी, दशरथचन्द-३, ८८८९	देव जोशी
११२	बैतडी	गीता कुमारी भट्ट, दशरथचन्द-४, ७६५४३/४६	हरिदत्त भट्ट / लोक भट्ट	सावित्री भट्ट, दशरथचन्द-४, ०५-१०-७५/५०	कृष्ण भट्ट / गोपाल भट्ट	सुरेश भट्ट, दशरथचन्द-४, ८९९०	लोक भट्ट
११३	बैतडी	सुनिता कुमारी चन्द, दशरथचन्द-५, ६५४३२/५६	नरबहादुर चन्द / जय चन्द	अनिता चन्द, दशरथचन्द-५, ०५-१०-७६/६०	भीम चन्द / हर्क चन्द	विनोद चन्द, दशरथचन्द-५, ९०९१	जय चन्द
११४	बैतडी	कलावती कुमारी ओझा, दशरथचन्द-६, ५४३२१/६६	गंगादत्त ओझा / हरि ओझा	रमा ओझा, दशरथचन्द-६, ०५-१०-७७/७०	दिपक ओझा / महेश ओझा	पदम ओझा, दशरथचन्द-६, ९१९२	हरि ओझा
११५	बैतडी	हेमा कुमारी पन्त, दशरथचन्द-७, ४३२१०/७६	पुष्करराज पन्त / देव पन्त	सुशिला पन्त, दशरथचन्द-७, ०५-१०-७८/८०	नरेश पन्त / भरत पन्त	धर्मराज पन्त, दशरथचन्द-७, ९२९३	देव पन्त
११६	बैतडी	जानकी कुमारी ठगुन्ना, दशरथचन्द-८, ३२१०९/८६	महेशदत्त ठगुन्ना / लाल ठगुन्ना	पुजा ठगुन्ना, दशरथचन्द-८, ०५-१०-७९/९०	सुदीप ठगुन्ना / जीवन ठगुन्ना	केदार ठगुन्ना, दशरथचन्द-८, ९३९४	लाल ठगुन्ना
११७	बैतडी	बसन्ती कुमारी मेहता, दशरथचन्द-९, २१०९८/९६	रामदत्त मेहता / जय मेहता	निर्मला मेहता, दशरथचन्द-९, ०५-१०-८०/१००	सुरेन्द्र मेहता / हरि मेहता	राजेन्द्र मेहता, दशरथचन्द-९, ९४९५	जय मेहता
११८	बैतडी	शारदा कुमारी अवस्थी, दशरथचन्द-१०, १०९८७/१५	भुवनदत्त अवस्थी / देव अवस्थी	कमला अवस्थी, दशरथचन्द-१०, ०५-१०-७१/१९	गणेश अवस्थी / बिष्णु अवस्थी	प्रकाश अवस्थी, दशरथचन्द-१०, ९५९६	देव अवस्थी
११९	बैतडी	लीला कुमारी बडू, दशरथचन्द-११, ०९८७६/२५	जगतराज बडू / मान बडू	देवकी बडू, दशरथचन्द-११, ०५-१०-७२/२९	हरिश बडू / नर बडू	दिनेश बडू, दशरथचन्द-११, ९६९७	मान बडू
१२०	बैतडी	गंगा कुमारी धामी, दशरथचन्द-१२, ९८७६५/३५	पदमराज धामी / लाल धामी	उषा धामी, दशरथचन्द-१२, ०५-१०-७३/३९	कमल धामी / जगत धामी	रमेश धामी, दशरथचन्द-१२, ९७९८	लाल धामी
१२१	बैतडी	सरस्वती कुमारी सार्की, दशरथचन्द-१, ८७६५४/४५	टेकबहादुर सार्की / जय सार्की	मञ्जु सार्की, दशरथचन्द-१, ०५-१०-७४/४९	खेम सार्की / बिर सार्की	मदन सार्की, दशरथचन्द-१, ९८९९	जय सार्की
